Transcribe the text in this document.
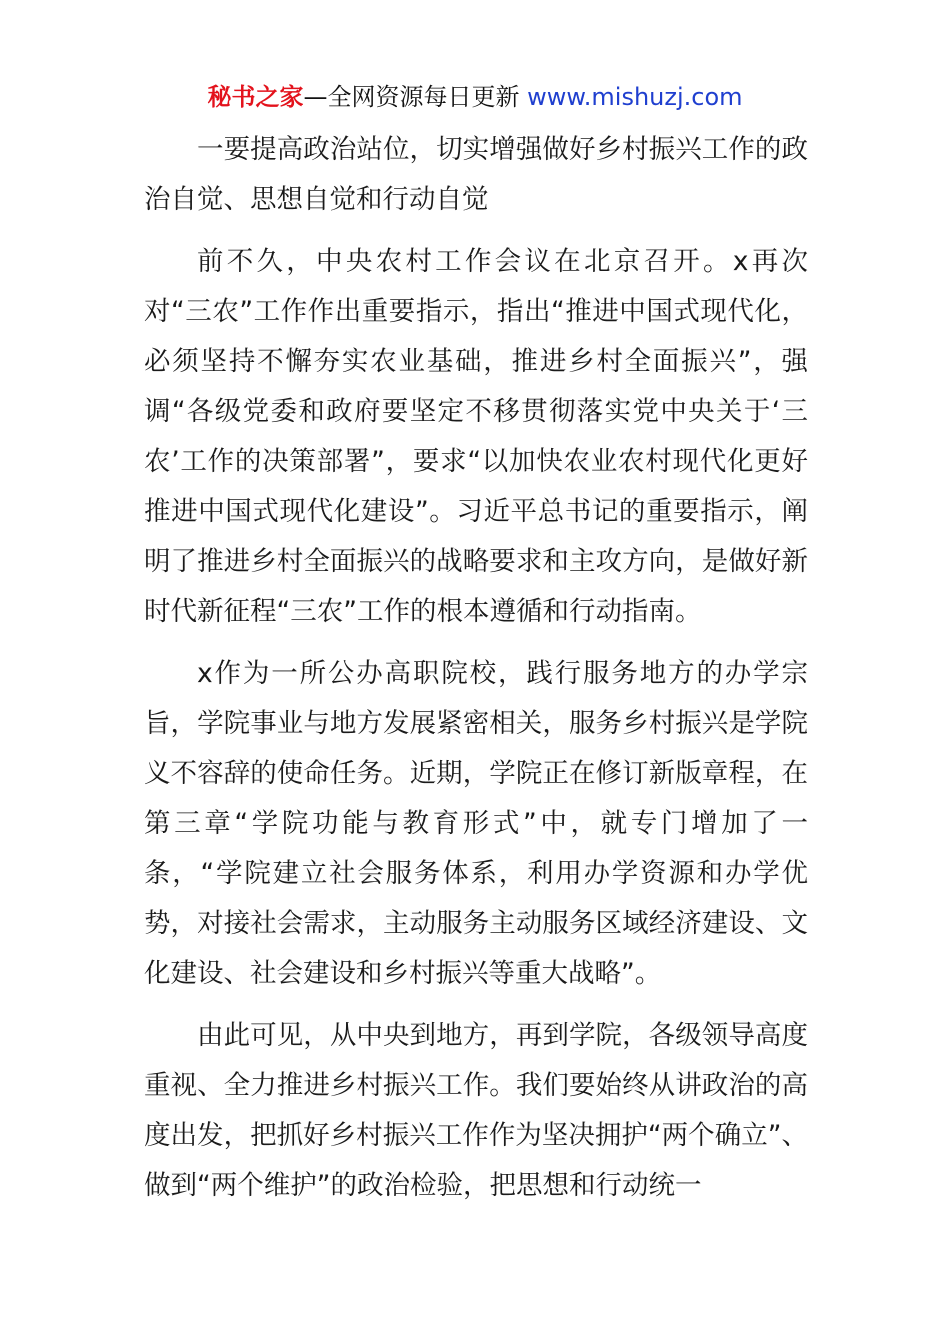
秘书之家—全网资源每日更新 www.mishuzj.com

一要提高政治站位，切实增强做好乡村振兴工作的政治自觉、思想自觉和行动自觉

前不久，中央农村工作会议在北京召开。x再次对“三农”工作作出重要指示，指出“推进中国式现代化，必须坚持不懈夯实农业基础，推进乡村全面振兴”，强调“各级党委和政府要坚定不移贯彻落实党中央关于‘三农’工作的决策部署”，要求“以加快农业农村现代化更好推进中国式现代化建设”。习近平总书记的重要指示，阐明了推进乡村全面振兴的战略要求和主攻方向，是做好新时代新征程“三农”工作的根本遵循和行动指南。

x作为一所公办高职院校，践行服务地方的办学宗旨，学院事业与地方发展紧密相关，服务乡村振兴是学院义不容辞的使命任务。近期，学院正在修订新版章程，在第三章“学院功能与教育形式”中，就专门增加了一条，“学院建立社会服务体系，利用办学资源和办学优势，对接社会需求，主动服务主动服务区域经济建设、文化建设、社会建设和乡村振兴等重大战略”。

由此可见，从中央到地方，再到学院，各级领导高度重视、全力推进乡村振兴工作。我们要始终从讲政治的高度出发，把抓好乡村振兴工作作为坚决拥护“两个确立”、做到“两个维护”的政治检验，把思想和行动统一
